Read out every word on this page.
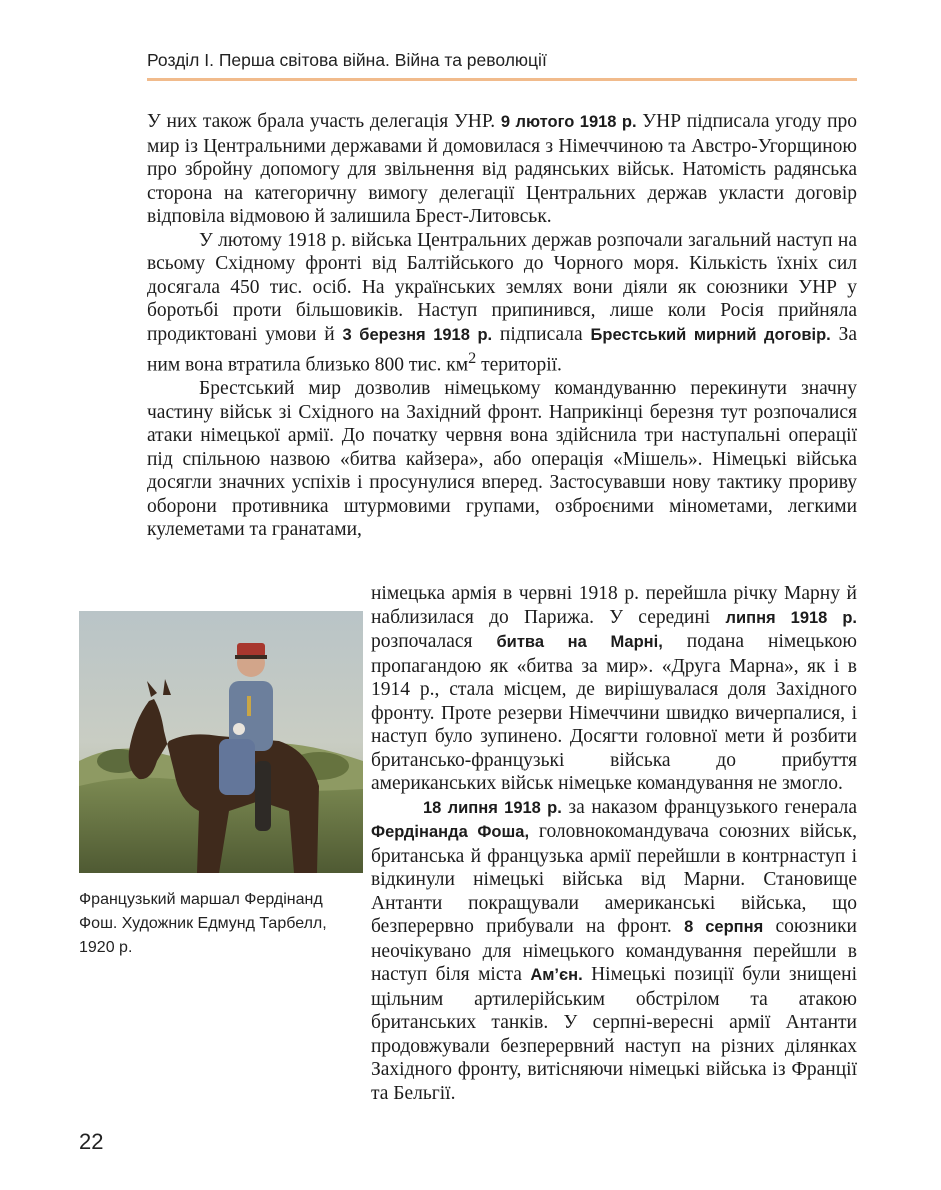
Розділ I. Перша світова війна. Війна та революції

У них також брала участь делегація УНР. 9 лютого 1918 р. УНР підписала угоду про мир із Центральними державами й домовилася з Німеччиною та Австро-Угорщиною про збройну допомогу для звільнення від радянських військ. Натомість радянська сторона на категоричну вимогу делегації Центральних держав укласти договір відповіла відмовою й залишила Брест-Литовськ.

У лютому 1918 р. війська Центральних держав розпочали загальний наступ на всьому Східному фронті від Балтійського до Чорного моря. Кількість їхніх сил досягала 450 тис. осіб. На українських землях вони діяли як союзники УНР у боротьбі проти більшовиків. Наступ припинився, лише коли Росія прийняла продиктовані умови й 3 березня 1918 р. підписала Брестський мирний договір. За ним вона втратила близько 800 тис. $км^2$ території.

Брестський мир дозволив німецькому командуванню перекинути значну частину військ зі Східного на Західний фронт. Наприкінці березня тут розпочалися атаки німецької армії. До початку червня вона здійснила три наступальні операції під спільною назвою «битва кайзера», або операція «Мішель». Німецькі війська досягли значних успіхів і просунулися вперед. Застосувавши нову тактику прориву оборони противника штурмовими групами, озброєними мінометами, легкими кулеметами та гранатами,

Французький маршал Фердінанд Фош. Художник Едмунд Тарбелл, 1920 р.

німецька армія в червні 1918 р. перейшла річку Марну й наблизилася до Парижа. У середині липня 1918 р. розпочалася битва на Марні, подана німецькою пропагандою як «битва за мир». «Друга Марна», як і в 1914 р., стала місцем, де вирішувалася доля Західного фронту. Проте резерви Німеччини швидко вичерпалися, і наступ було зупинено. Досягти головної мети й розбити британсько-французькі війська до прибуття американських військ німецьке командування не змогло.

18 липня 1918 р. за наказом французького генерала Фердінанда Фоша, головнокомандувача союзних військ, британська й французька армії перейшли в контрнаступ і відкинули німецькі війська від Марни. Становище Антанти покращували американські війська, що безперервно прибували на фронт. 8 серпня союзники неочікувано для німецького командування перейшли в наступ біля міста Ам’єн. Німецькі позиції були знищені щільним артилерійським обстрілом та атакою британських танків. У серпні-вересні армії Антанти продовжували безперервний наступ на різних ділянках Західного фронту, витісняючи німецькі війська із Франції та Бельгії.

22
